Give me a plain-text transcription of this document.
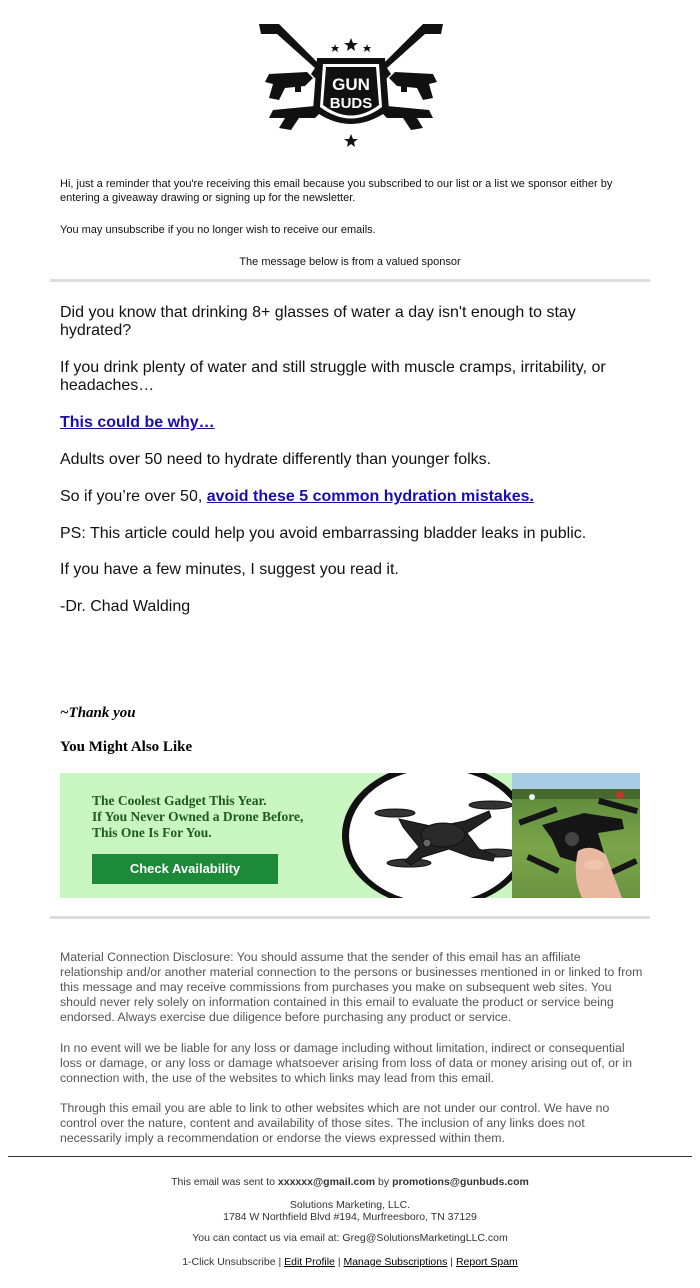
GUN
BUDS
Hi, just a reminder that you're receiving this email because you subscribed to our list or a list we sponsor either by entering a giveaway drawing or signing up for the newsletter.
You may unsubscribe if you no longer wish to receive our emails.
The message below is from a valued sponsor
Did you know that drinking 8+ glasses of water a day isn't enough to stay hydrated?
If you drink plenty of water and still struggle with muscle cramps, irritability, or headaches…
This could be why…
Adults over 50 need to hydrate differently than younger folks.
So if you’re over 50, avoid these 5 common hydration mistakes.
PS: This article could help you avoid embarrassing bladder leaks in public.
If you have a few minutes, I suggest you read it.
-Dr. Chad Walding
~Thank you
You Might Also Like
The Coolest Gadget This Year.
If You Never Owned a Drone Before,
This One Is For You.
Check Availability
Material Connection Disclosure: You should assume that the sender of this email has an affiliate relationship and/or another material connection to the persons or businesses mentioned in or linked to from this message and may receive commissions from purchases you make on subsequent web sites. You should never rely solely on information contained in this email to evaluate the product or service being endorsed. Always exercise due diligence before purchasing any product or service.
In no event will we be liable for any loss or damage including without limitation, indirect or consequential loss or damage, or any loss or damage whatsoever arising from loss of data or money arising out of, or in connection with, the use of the websites to which links may lead from this email.
Through this email you are able to link to other websites which are not under our control. We have no control over the nature, content and availability of those sites. The inclusion of any links does not necessarily imply a recommendation or endorse the views expressed within them.
This email was sent to xxxxxx@gmail.com by promotions@gunbuds.com
Solutions Marketing, LLC.
1784 W Northfield Blvd #194, Murfreesboro, TN 37129
You can contact us via email at: Greg@SolutionsMarketingLLC.com
1-Click Unsubscribe | Edit Profile | Manage Subscriptions | Report Spam
